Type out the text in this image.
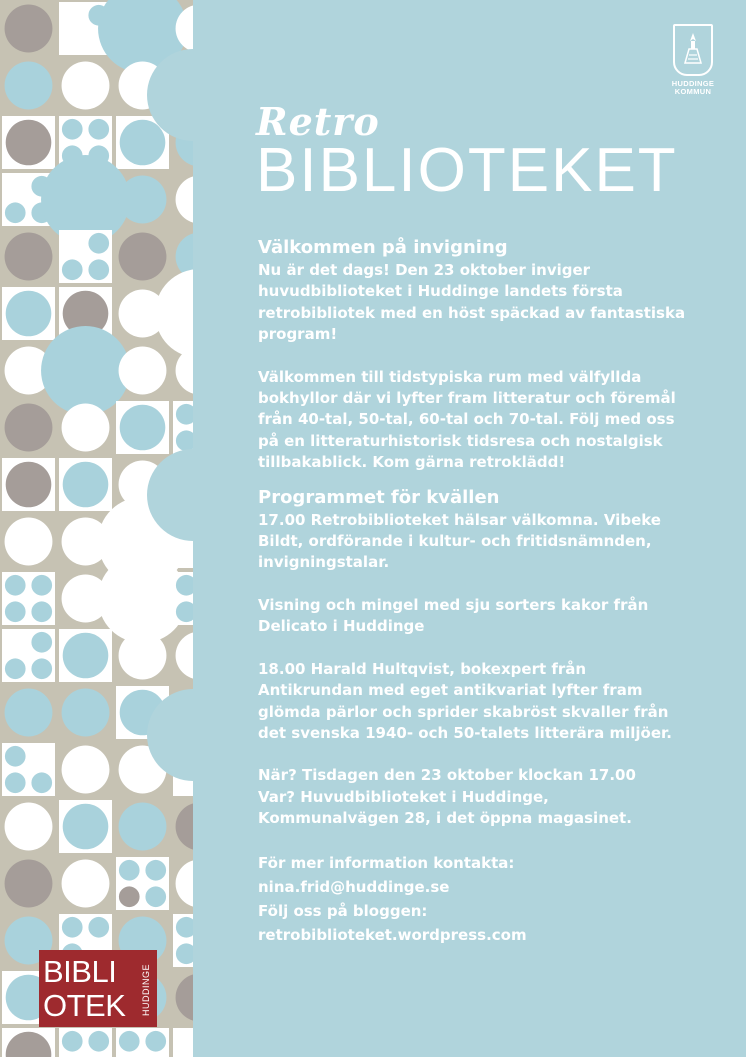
HUDDINGE
KOMMUN
Retro
BIBLIOTEKET
Välkommen på invigning

Nu är det dags! Den 23 oktober inviger huvudbiblioteket i Huddinge landets första retrobibliotek med en höst späckad av fantastiska program!

Välkommen till tidstypiska rum med välfyllda bokhyllor där vi lyfter fram litteratur och föremål från 40-tal, 50-tal, 60-tal och 70-tal. Följ med oss på en litteraturhistorisk tidsresa och nostalgisk tillbakablick. Kom gärna retroklädd!

Programmet för kvällen

17.00 Retrobiblioteket hälsar välkomna. Vibeke Bildt, ordförande i kultur- och fritidsnämnden, invigningstalar.

Visning och mingel med sju sorters kakor från Delicato i Huddinge

18.00 Harald Hultqvist, bokexpert från Antikrundan med eget antikvariat lyfter fram glömda pärlor och sprider skabröst skvaller från det svenska 1940- och 50-talets litterära miljöer.

När? Tisdagen den 23 oktober klockan 17.00

Var? Huvudbiblioteket i Huddinge, Kommunalvägen 28, i det öppna magasinet.

För mer information kontakta:

nina.frid@huddinge.se

Följ oss på bloggen:

retrobiblioteket.wordpress.com

BIBLI
OTEK HUDDINGE
